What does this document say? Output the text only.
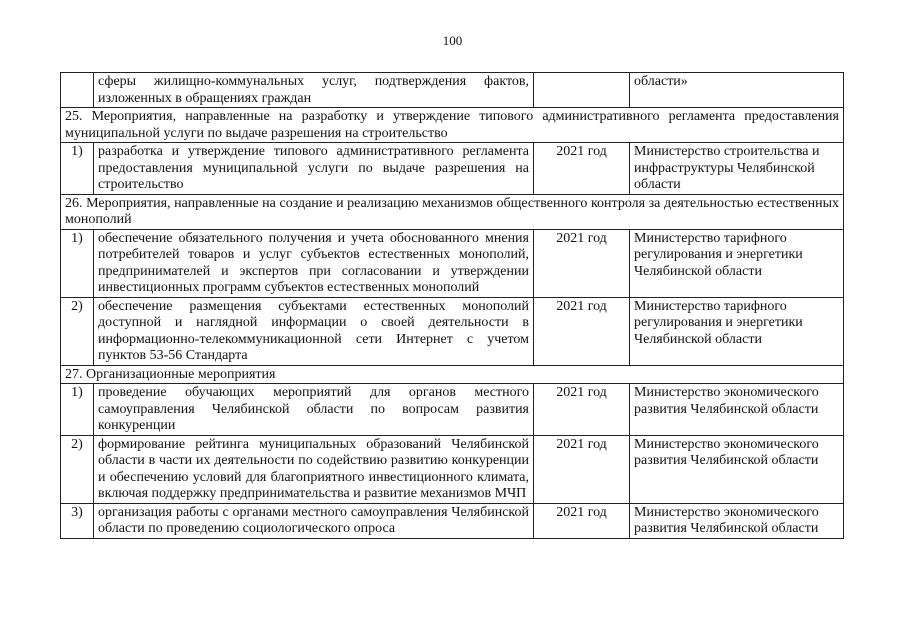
100
	сферы жилищно-коммунальных услуг, подтверждения фактов, изложенных в обращениях граждан		области»
25. Мероприятия, направленные на разработку и утверждение типового административного регламента предоставления муниципальной услуги по выдаче разрешения на строительство			
1)	разработка и утверждение типового административного регламента предоставления муниципальной услуги по выдаче разрешения на строительство	2021 год	Министерство строительства и инфраструктуры Челябинской области
26. Мероприятия, направленные на создание и реализацию механизмов общественного контроля за деятельностью естественных монополий			
1)	обеспечение обязательного получения и учета обоснованного мнения потребителей товаров и услуг субъектов естественных монополий, предпринимателей и экспертов при согласовании и утверждении инвестиционных программ субъектов естественных монополий	2021 год	Министерство тарифного регулирования и энергетики Челябинской области
2)	обеспечение размещения субъектами естественных монополий доступной и наглядной информации о своей деятельности в информационно-телекоммуникационной сети Интернет с учетом пунктов 53-56 Стандарта	2021 год	Министерство тарифного регулирования и энергетики Челябинской области
27. Организационные мероприятия			
1)	проведение обучающих мероприятий для органов местного самоуправления Челябинской области по вопросам развития конкуренции	2021 год	Министерство экономического развития Челябинской области
2)	формирование рейтинга муниципальных образований Челябинской области в части их деятельности по содействию развитию конкуренции и обеспечению условий для благоприятного инвестиционного климата, включая поддержку предпринимательства и развитие механизмов МЧП	2021 год	Министерство экономического развития Челябинской области
3)	организация работы с органами местного самоуправления Челябинской области по проведению социологического опроса	2021 год	Министерство экономического развития Челябинской области
